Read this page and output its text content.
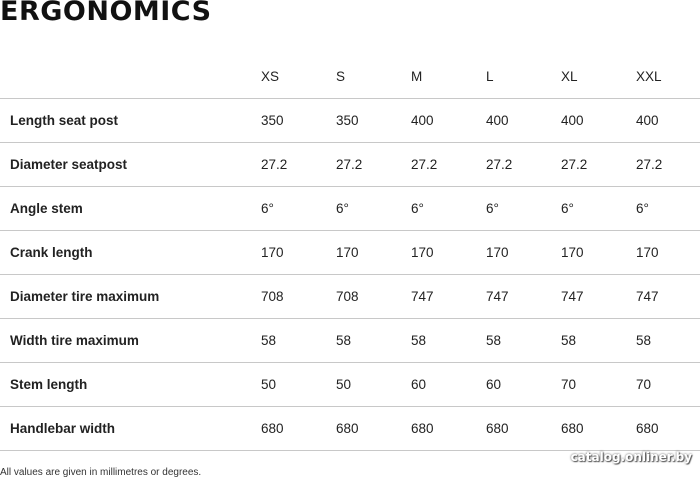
ERGONOMICS
	XS	S	M	L	XL	XXL
Length seat post	350	350	400	400	400	400
Diameter seatpost	27.2	27.2	27.2	27.2	27.2	27.2
Angle stem	6°	6°	6°	6°	6°	6°
Crank length	170	170	170	170	170	170
Diameter tire maximum	708	708	747	747	747	747
Width tire maximum	58	58	58	58	58	58
Stem length	50	50	60	60	70	70
Handlebar width	680	680	680	680	680	680
All values are given in millimetres or degrees.
catalog.onliner.by
